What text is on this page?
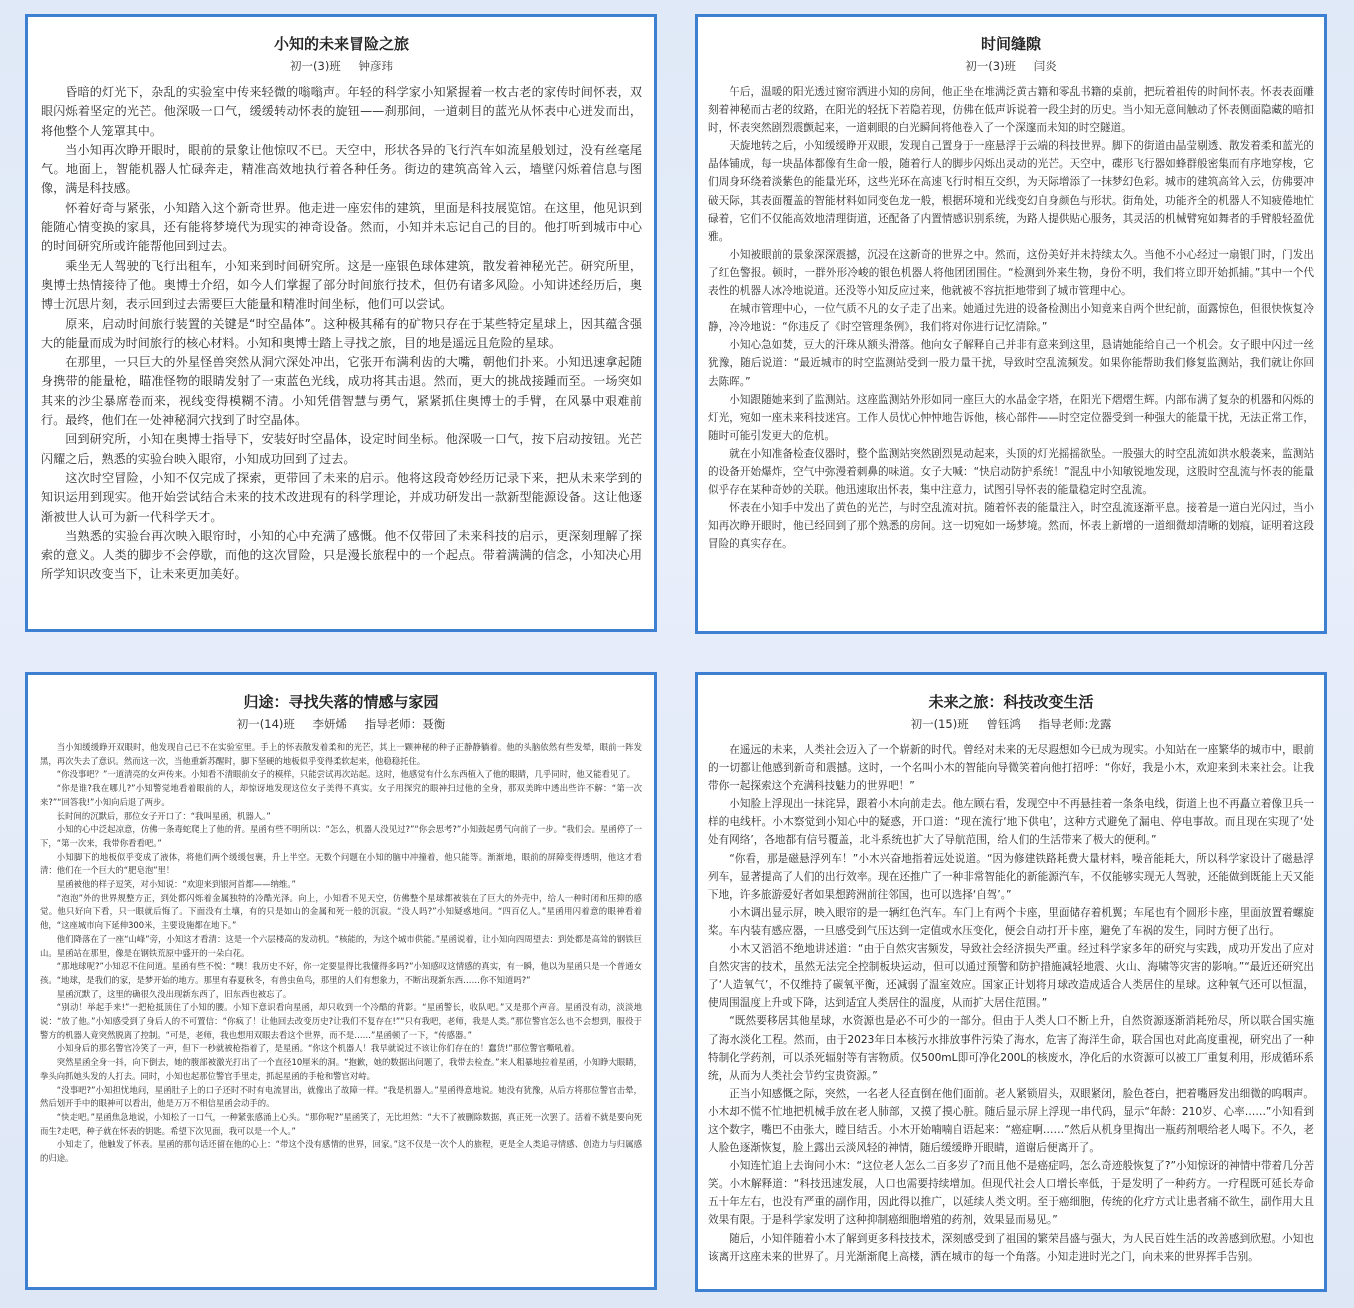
小知的未来冒险之旅
初一(3)班 钟彦玮

昏暗的灯光下，杂乱的实验室中传来轻微的嗡嗡声。年轻的科学家小知紧握着一枚古老的家传时间怀表，双眼闪烁着坚定的光芒。他深吸一口气，缓缓转动怀表的旋钮——刹那间，一道刺目的蓝光从怀表中心迸发而出，将他整个人笼罩其中。

当小知再次睁开眼时，眼前的景象让他惊叹不已。天空中，形状各异的飞行汽车如流星般划过，没有丝毫尾气。地面上，智能机器人忙碌奔走，精准高效地执行着各种任务。街边的建筑高耸入云，墙壁闪烁着信息与图像，满是科技感。

怀着好奇与紧张，小知踏入这个新奇世界。他走进一座宏伟的建筑，里面是科技展览馆。在这里，他见识到能随心情变换的家具，还有能将梦境代为现实的神奇设备。然而，小知并未忘记自己的目的。他打听到城市中心的时间研究所或许能帮他回到过去。

乘坐无人驾驶的飞行出租车，小知来到时间研究所。这是一座银色球体建筑，散发着神秘光芒。研究所里，奥博士热情接待了他。奥博士介绍，如今人们掌握了部分时间旅行技术，但仍有诸多风险。小知讲述经历后，奥博士沉思片刻，表示回到过去需要巨大能量和精准时间坐标，他们可以尝试。

原来，启动时间旅行装置的关键是“时空晶体”。这种极其稀有的矿物只存在于某些特定星球上，因其蕴含强大的能量而成为时间旅行的核心材料。小知和奥博士踏上寻找之旅，目的地是遥远且危险的星球。

在那里，一只巨大的外星怪兽突然从洞穴深处冲出，它张开布满利齿的大嘴，朝他们扑来。小知迅速拿起随身携带的能量枪，瞄准怪物的眼睛发射了一束蓝色光线，成功将其击退。然而，更大的挑战接踵而至。一场突如其来的沙尘暴席卷而来，视线变得模糊不清。小知凭借智慧与勇气，紧紧抓住奥博士的手臂，在风暴中艰难前行。最终，他们在一处神秘洞穴找到了时空晶体。

回到研究所，小知在奥博士指导下，安装好时空晶体，设定时间坐标。他深吸一口气，按下启动按钮。光芒闪耀之后，熟悉的实验台映入眼帘，小知成功回到了过去。

这次时空冒险，小知不仅完成了探索，更带回了未来的启示。他将这段奇妙经历记录下来，把从未来学到的知识运用到现实。他开始尝试结合未来的技术改进现有的科学理论，并成功研发出一款新型能源设备。这让他逐渐被世人认可为新一代科学天才。

当熟悉的实验台再次映入眼帘时，小知的心中充满了感慨。他不仅带回了未来科技的启示，更深刻理解了探索的意义。人类的脚步不会停歇，而他的这次冒险，只是漫长旅程中的一个起点。带着满满的信念，小知决心用所学知识改变当下，让未来更加美好。

时间缝隙
初一(3)班 闫炎

午后，温暖的阳光透过窗帘洒进小知的房间，他正坐在堆满泛黄古籍和零乱书籍的桌前，把玩着祖传的时间怀表。怀表表面雕刻着神秘而古老的纹路，在阳光的轻抚下若隐若现，仿佛在低声诉说着一段尘封的历史。当小知无意间触动了怀表侧面隐藏的暗扣时，怀表突然剧烈震颤起来，一道刺眼的白光瞬间将他卷入了一个深邃而未知的时空隧道。

天旋地转之后，小知缓缓睁开双眼，发现自己置身于一座悬浮于云端的科技世界。脚下的街道由晶莹剔透、散发着柔和蓝光的晶体铺成，每一块晶体都像有生命一般，随着行人的脚步闪烁出灵动的光芒。天空中，碟形飞行器如蜂群般密集而有序地穿梭，它们周身环绕着淡紫色的能量光环，这些光环在高速飞行时相互交织，为天际增添了一抹梦幻色彩。城市的建筑高耸入云，仿佛要冲破天际，其表面覆盖的智能材料如同变色龙一般，根据环境和光线变幻自身颜色与形状。街角处，功能齐全的机器人不知疲倦地忙碌着，它们不仅能高效地清理街道，还配备了内置情感识别系统，为路人提供贴心服务，其灵活的机械臂宛如舞者的手臂般轻盈优雅。

小知被眼前的景象深深震撼，沉浸在这新奇的世界之中。然而，这份美好并未持续太久。当他不小心经过一扇银门时，门发出了红色警报。顿时，一群外形冷峻的银色机器人将他团团围住。“检测到外来生物，身份不明，我们将立即开始抓捕。”其中一个代表性的机器人冰冷地说道。还没等小知反应过来，他就被不容抗拒地带到了城市管理中心。

在城市管理中心，一位气质不凡的女子走了出来。她通过先进的设备检测出小知竟来自两个世纪前，面露惊色，但很快恢复冷静，冷冷地说：“你违反了《时空管理条例》，我们将对你进行记忆清除。”

小知心急如焚，豆大的汗珠从额头滑落。他向女子解释自己并非有意来到这里，恳请她能给自己一个机会。女子眼中闪过一丝犹豫，随后说道：“最近城市的时空监测站受到一股力量干扰，导致时空乱流频发。如果你能帮助我们修复监测站，我们就让你回去陈晖。”

小知跟随她来到了监测站。这座监测站外形如同一座巨大的水晶金字塔，在阳光下熠熠生辉。内部布满了复杂的机器和闪烁的灯光，宛如一座未来科技迷宫。工作人员忧心忡忡地告诉他，核心部件——时空定位器受到一种强大的能量干扰，无法正常工作，随时可能引发更大的危机。

就在小知准备检查仪器时，整个监测站突然剧烈晃动起来，头顶的灯光摇摇欲坠。一股强大的时空乱流如洪水般袭来，监测站的设备开始爆炸，空气中弥漫着刺鼻的味道。女子大喊：“快启动防护系统！”混乱中小知敏锐地发现，这股时空乱流与怀表的能量似乎存在某种奇妙的关联。他迅速取出怀表，集中注意力，试图引导怀表的能量稳定时空乱流。

怀表在小知手中发出了黄色的光芒，与时空乱流对抗。随着怀表的能量注入，时空乱流逐渐平息。接着是一道白光闪过，当小知再次睁开眼时，他已经回到了那个熟悉的房间。这一切宛如一场梦境。然而，怀表上新增的一道细微却清晰的划痕，证明着这段冒险的真实存在。

归途：寻找失落的情感与家园
初一(14)班 李妍烯 指导老师：聂衡

当小知缓缓睁开双眼时，他发现自己已不在实验室里。手上的怀表散发着柔和的光芒，其上一颗神秘的种子正静静躺着。他的头脑依然有些发晕，眼前一阵发黑，再次失去了意识。然而这一次，当他重新苏醒时，脚下坚硬的地板似乎变得柔软起来，他稳稳托住。

“你没事吧？”一道清亮的女声传来。小知看不清眼前女子的模样，只能尝试再次站起。这时，他感觉有什么东西植入了他的眼睛，几乎同时，他又能看见了。

“你是谁?我在哪儿?”小知警觉地看着眼前的人，却惊讶地发现这位女子美得不真实。女子用探究的眼神扫过他的全身，那双美眸中透出些许不解：“第一次来?”“回答我!”小知向后退了两步。

长时间的沉默后，那位女子开口了：“我叫星函，机器人。”

小知的心中泛起凉意，仿佛一条毒蛇爬上了他的背。星函有些不明所以：“怎么，机器人没见过?”“你会思考?”小知鼓起勇气向前了一步。“我们会。星函停了一下，“第一次来，我带你看看吧。”

小知脚下的地板似乎变成了液体，将他们两个缓缓包裹，升上半空。无数个问题在小知的脑中冲撞着，他只能等。渐渐地，眼前的屏障变得透明，他这才看清：他们在一个巨大的“肥皂泡”里！

星函被他的样子逗笑，对小知说：“欢迎来到银河首都——纳维。”

“泡泡”外的世界规整方正，到处都闪烁着金属独特的冷酷光泽。向上，小知看不见天空，仿佛整个星球都被装在了巨大的外壳中，给人一种时闭和压抑的感觉。他只好向下看，只一眼就后悔了。下面没有土壤，有的只是如山的金属和死一般的沉寂。“没人吗?”小知疑惑地问。“四百亿人。”星函用闪着意的眼神看着他，“这座城市向下延伸300米，主要设施都在地下。”

他们降落在了一座“山峰”旁，小知这才看清：这是一个六层楼高的发动机。“核能的，为这个城市供能。”星函说着，让小知向四周望去：到处都是高耸的钢铁巨山。星函站在那里，像是在钢铁荒原中盛开的一朵白花。

“那地球呢?”小知忍不住问道。星函有些不悦：“噢！我历史不好，你一定要显得比我懂得多吗?”小知感叹这情感的真实，有一瞬，他以为星函只是一个普通女孩。“地球，是我们的家，是梦开始的地方。那里有春夏秋冬，有兽虫鱼鸟，那里的人们有想象力，不断出现新东西……你不知道吗?”

星函沉默了，这里的确很久没出现新东西了，旧东西也被忘了。

“别动！举起手来!”一把枪抵顶住了小知的腰。小知下意识看向星函，却只收到一个冷酷的背影。“星函警长，收队吧。”又是那个声音。星函没有动，淡淡地说：“放了他。”小知感受到了身后人的不可置信：“你疯了！让他回去改变历史?让我们不复存在!”“只有我吧，老师，我是人类。”那位警官怎么也不会想到，服役于警方的机器人竟突然脱离了控制。“可是，老师，我也想用双眼去看这个世界，而不是……”星函顿了一下，“传感器。”

小知身后的那名警官冷笑了一声，但下一秒就被枪指着了，是星函。“你这个机器人！我早就说过不该让你们存在的！蠢货!”那位警官嘶吼着。

突然星函全身一抖，向下倒去，她的腹部被激光打出了一个直径10厘米的洞。“抱歉，她的数据出问题了，我带去检查。”来人粗暴地拉着星函，小知睁大眼睛，拳头向抓她头发的人打去。同时，小知也起那位警官手里走，抓起星函的手枪和警官对峙。

“没事吧?”小知担忧地问，星函肚子上的口子还时不时有电流冒出，就像出了故障一样。“我是机器人。”星函得意地说。她没有犹豫，从后方将那位警官击晕，然后划开手中的眼神可以看出，他是万万不相信星函会动手的。

“快走吧。”星函焦急地说，小知松了一口气，一种紧张感涌上心头。“那你呢?”星函笑了，无比坦然：“大不了被删除数据，真正死一次罢了。活着不就是要向死而生?走吧，种子就在怀表的钥匙。希望下次见面，我可以是一个人。”

小知走了，他触发了怀表。星函的那句话还留在他的心上：“带这个没有感情的世界，回家。”这不仅是一次个人的旅程，更是全人类追寻情感、创造力与归属感的归途。

未来之旅：科技改变生活
初一(15)班 曾钰鸿 指导老师:龙露

在遥远的未来，人类社会迈入了一个崭新的时代。曾经对未来的无尽遐想如今已成为现实。小知站在一座繁华的城市中，眼前的一切都让他感到新奇和震撼。这时，一个名叫小木的智能向导微笑着向他打招呼：“你好，我是小木，欢迎来到未来社会。让我带你一起探索这个充满科技魅力的世界吧！”

小知脸上浮现出一抹诧异，跟着小木向前走去。他左顾右看，发现空中不再悬挂着一条条电线，街道上也不再矗立着像卫兵一样的电线杆。小木察觉到小知心中的疑惑，开口道：“现在流行‘地下供电’，这种方式避免了漏电、停电事故。而且现在实现了‘处处有网络’，各地都有信号覆盖，北斗系统也扩大了导航范围，给人们的生活带来了极大的便利。”

“你看，那是磁悬浮列车！”小木兴奋地指着远处说道。“因为修建铁路耗费大量材料，噪音能耗大，所以科学家设计了磁悬浮列车，显著提高了人们的出行效率。现在还推广了一种非常智能化的新能源汽车，不仅能够实现无人驾驶，还能做到既能上天又能下地，许多旅游爱好者如果想跨洲前往邻国，也可以选择‘自驾’。”

小木调出显示屏，映入眼帘的是一辆红色汽车。车门上有两个卡座，里面储存着机翼；车尾也有个圆形卡座，里面放置着螺旋桨。车内装有感应器，一旦感受到气压达到一定值或水压变化，便会自动打开卡座，避免了车祸的发生，同时方便了出行。

小木又滔滔不绝地讲述道：“由于自然灾害频发，导致社会经济损失严重。经过科学家多年的研究与实践，成功开发出了应对自然灾害的技术，虽然无法完全控制板块运动，但可以通过预警和防护措施减轻地震、火山、海啸等灾害的影响。”“最近还研究出了‘人造氧气’，不仅维持了碳氧平衡，还减弱了温室效应。国家正计划将月球改造成适合人类居住的星球。这种氧气还可以恒温，使周围温度上升或下降，达到适宜人类居住的温度，从而扩大居住范围。”

“既然要移居其他星球，水资源也是必不可少的一部分。但由于人类人口不断上升，自然资源逐渐消耗殆尽，所以联合国实施了海水淡化工程。然而，由于2023年日本核污水排放事件污染了海水，危害了海洋生命，联合国也对此高度重视，研究出了一种特制化学药剂，可以杀死辐射等有害物质。仅500mL即可净化200L的核废水，净化后的水资源可以被工厂重复利用，形成循环系统，从而为人类社会节约宝贵资源。”

正当小知感慨之际，突然，一名老人径直倒在他们面前。老人紧锁眉头，双眼紧闭，脸色苍白，把着嘴唇发出细微的呜咽声。小木却不慌不忙地把机械手放在老人肺部，又摸了摸心脏。随后显示屏上浮现一串代码，显示“年龄：210岁、心率……”小知看到这个数字，嘴巴不由张大，瞠目结舌。小木开始喃喃自语起来：“癌症啊……”然后从机身里掏出一瓶药剂喂给老人喝下。不久，老人脸色逐渐恢复，脸上露出云淡风轻的神情，随后缓缓睁开眼睛，道谢后便离开了。

小知连忙追上去询问小木：“这位老人怎么二百多岁了?而且他不是癌症吗，怎么奇迹般恢复了?”小知惊讶的神情中带着几分苦笑。小木解释道：“科技迅速发展，人口也需要持续增加。但现代社会人口增长率低，于是发明了一种药方。一疗程既可延长寿命五十年左右，也没有严重的副作用，因此得以推广，以延续人类文明。至于癌细胞，传统的化疗方式让患者痛不欲生，副作用大且效果有限。于是科学家发明了这种抑制癌细胞增殖的药剂，效果显而易见。”

随后，小知伴随着小木了解到更多科技技术，深刻感受到了祖国的繁荣昌盛与强大，为人民百姓生活的改善感到欣慰。小知也该离开这座未来的世界了。月光渐渐爬上高楼，洒在城市的每一个角落。小知走进时光之门，向未来的世界挥手告别。
